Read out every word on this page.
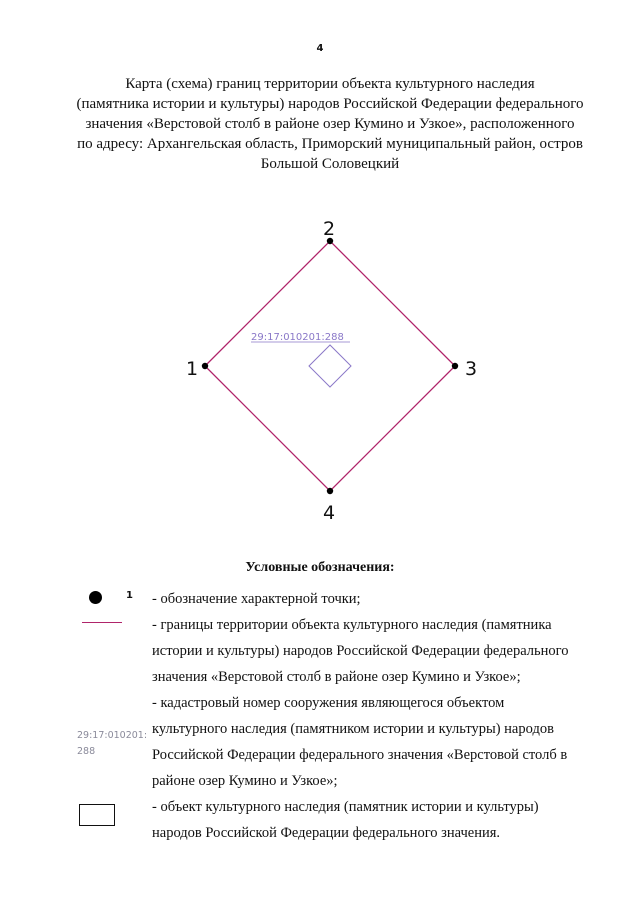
4
Карта (схема) границ территории объекта культурного наследия
(памятника истории и культуры) народов Российской Федерации федерального
значения «Верстовой столб в районе озер Кумино и Узкое», расположенного
по адресу: Архангельская область, Приморский муниципальный район, остров
Большой Соловецкий
29:17:010201:288
1
2
3
4
Условные обозначения:
1
29:17:010201:
288
- обозначение характерной точки;
- границы территории объекта культурного наследия (памятника
истории и культуры) народов Российской Федерации федерального
значения «Верстовой столб в районе озер Кумино и Узкое»;
- кадастровый номер сооружения являющегося объектом
культурного наследия (памятником истории и культуры) народов
Российской Федерации федерального значения «Верстовой столб в
районе озер Кумино и Узкое»;
- объект культурного наследия (памятник истории и культуры)
народов Российской Федерации федерального значения.
